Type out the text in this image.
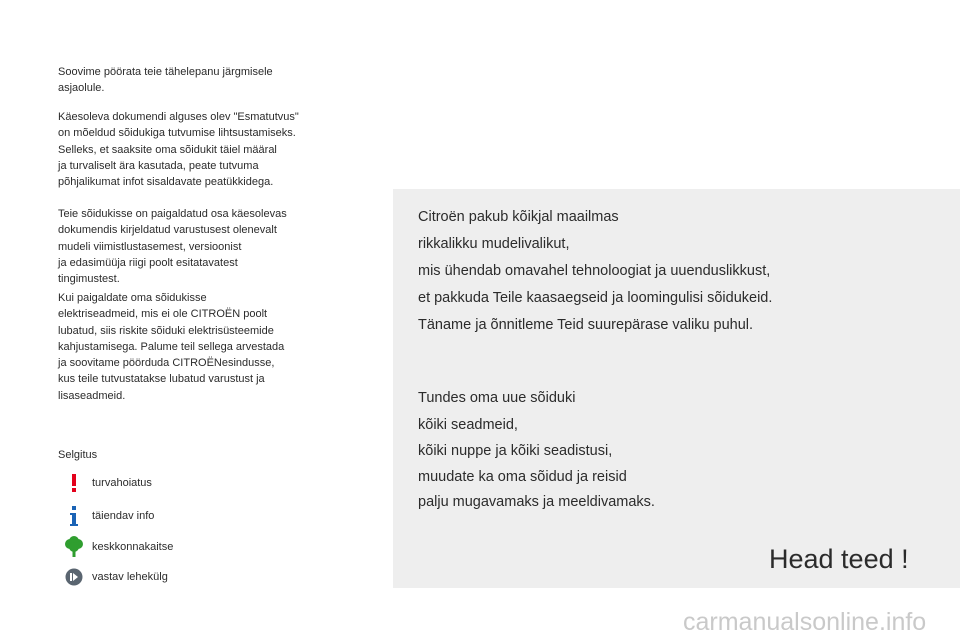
Soovime pöörata teie tähelepanu järgmisele
asjaolule.

Käesoleva dokumendi alguses olev "Esmatutvus"
on mõeldud sõidukiga tutvumise lihtsustamiseks.
Selleks, et saaksite oma sõidukit täiel määral
ja turvaliselt ära kasutada, peate tutvuma
põhjalikumat infot sisaldavate peatükkidega.

Teie sõidukisse on paigaldatud osa käesolevas
dokumendis kirjeldatud varustusest olenevalt
mudeli viimistlustasemest, versioonist
ja edasimüüja riigi poolt esitatavatest
tingimustest.

Kui paigaldate oma sõidukisse
elektriseadmeid, mis ei ole CITROËN poolt
lubatud, siis riskite sõiduki elektrisüsteemide
kahjustamisega. Palume teil sellega arvestada
ja soovitame pöörduda CITROËNesindusse,
kus teile tutvustatakse lubatud varustust ja
lisaseadmeid.

Selgitus
turvahoiatus
täiendav info
keskkonnakaitse
vastav lehekülg
Citroën pakub kõikjal maailmas
rikkalikku mudelivalikut,
mis ühendab omavahel tehnoloogiat ja uuenduslikkust,
et pakkuda Teile kaasaegseid ja loomingulisi sõidukeid.
Täname ja õnnitleme Teid suurepärase valiku puhul.
Tundes oma uue sõiduki
kõiki seadmeid,
kõiki nuppe ja kõiki seadistusi,
muudate ka oma sõidud ja reisid
palju mugavamaks ja meeldivamaks.
Head teed !
carmanualsonline.info
